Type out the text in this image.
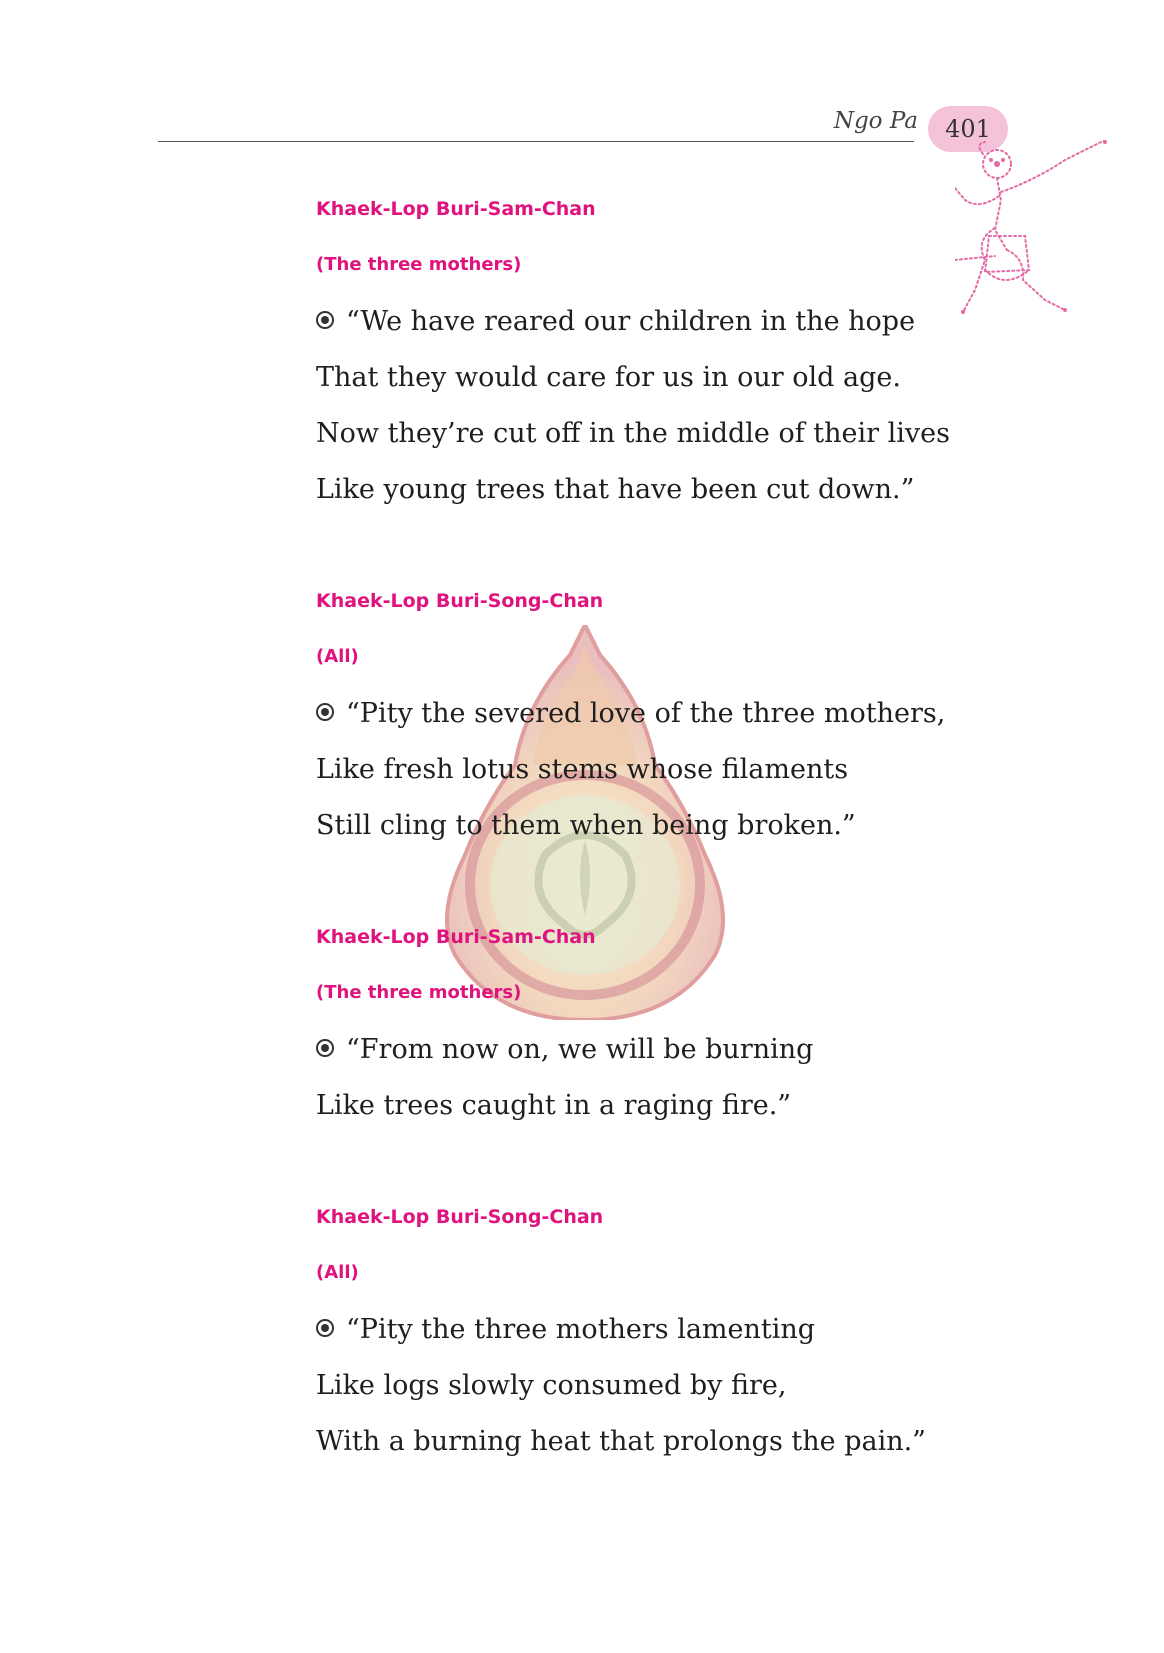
Ngo Pa 401
Khaek-Lop Buri-Sam-Chan
(The three mothers)
“We have reared our children in the hope
That they would care for us in our old age.
Now they’re cut off in the middle of their lives
Like young trees that have been cut down.”
Khaek-Lop Buri-Song-Chan
(All)
“Pity the severed love of the three mothers,
Like fresh lotus stems whose filaments
Still cling to them when being broken.”
Khaek-Lop Buri-Sam-Chan
(The three mothers)
“From now on, we will be burning
Like trees caught in a raging fire.”
Khaek-Lop Buri-Song-Chan
(All)
“Pity the three mothers lamenting
Like logs slowly consumed by fire,
With a burning heat that prolongs the pain.”
